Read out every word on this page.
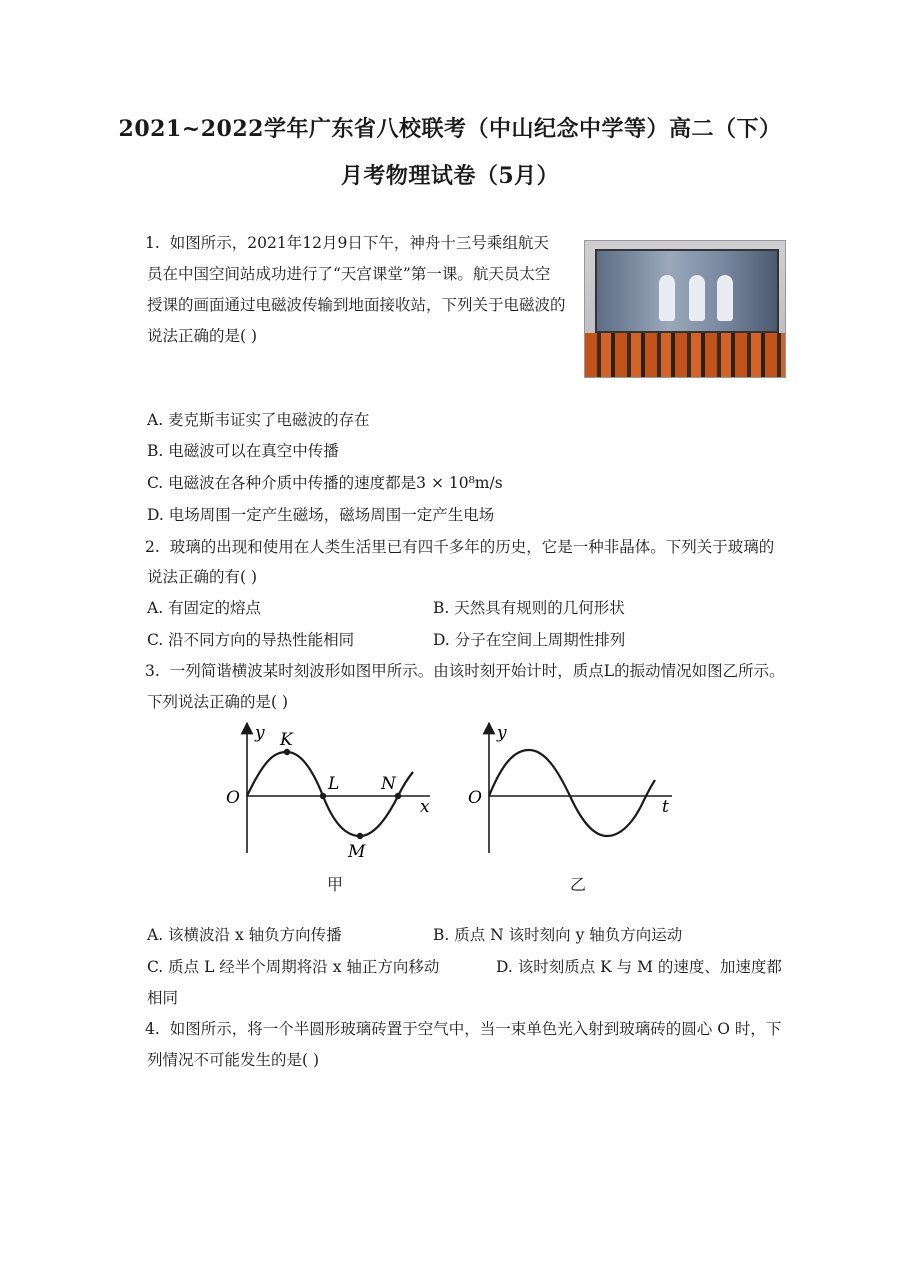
2021~2022学年广东省八校联考（中山纪念中学等）高二（下）
月考物理试卷（5月）
1. 如图所示，2021年12月9日下午，神舟十三号乘组航天
员在中国空间站成功进行了“天宫课堂”第一课。航天员太空
授课的画面通过电磁波传输到地面接收站，下列关于电磁波的
说法正确的是( )
A. 麦克斯韦证实了电磁波的存在
B. 电磁波可以在真空中传播
C. 电磁波在各种介质中传播的速度都是3 × 10⁸m/s
D. 电场周围一定产生磁场，磁场周围一定产生电场
2. 玻璃的出现和使用在人类生活里已有四千多年的历史，它是一种非晶体。下列关于玻璃的
说法正确的有( )
A. 有固定的熔点	B. 天然具有规则的几何形状
C. 沿不同方向的导热性能相同	D. 分子在空间上周期性排列
3. 一列简谐横波某时刻波形如图甲所示。由该时刻开始计时，质点L的振动情况如图乙所示。
下列说法正确的是( )
y K
O
L N
x
M
y
O	t
甲	乙
A. 该横波沿 x 轴负方向传播	B. 质点 N 该时刻向 y 轴负方向运动
C. 质点 L 经半个周期将沿 x 轴正方向移动	D. 该时刻质点 K 与 M 的速度、加速度都
相同
4. 如图所示，将一个半圆形玻璃砖置于空气中，当一束单色光入射到玻璃砖的圆心 O 时，下
列情况不可能发生的是( )
